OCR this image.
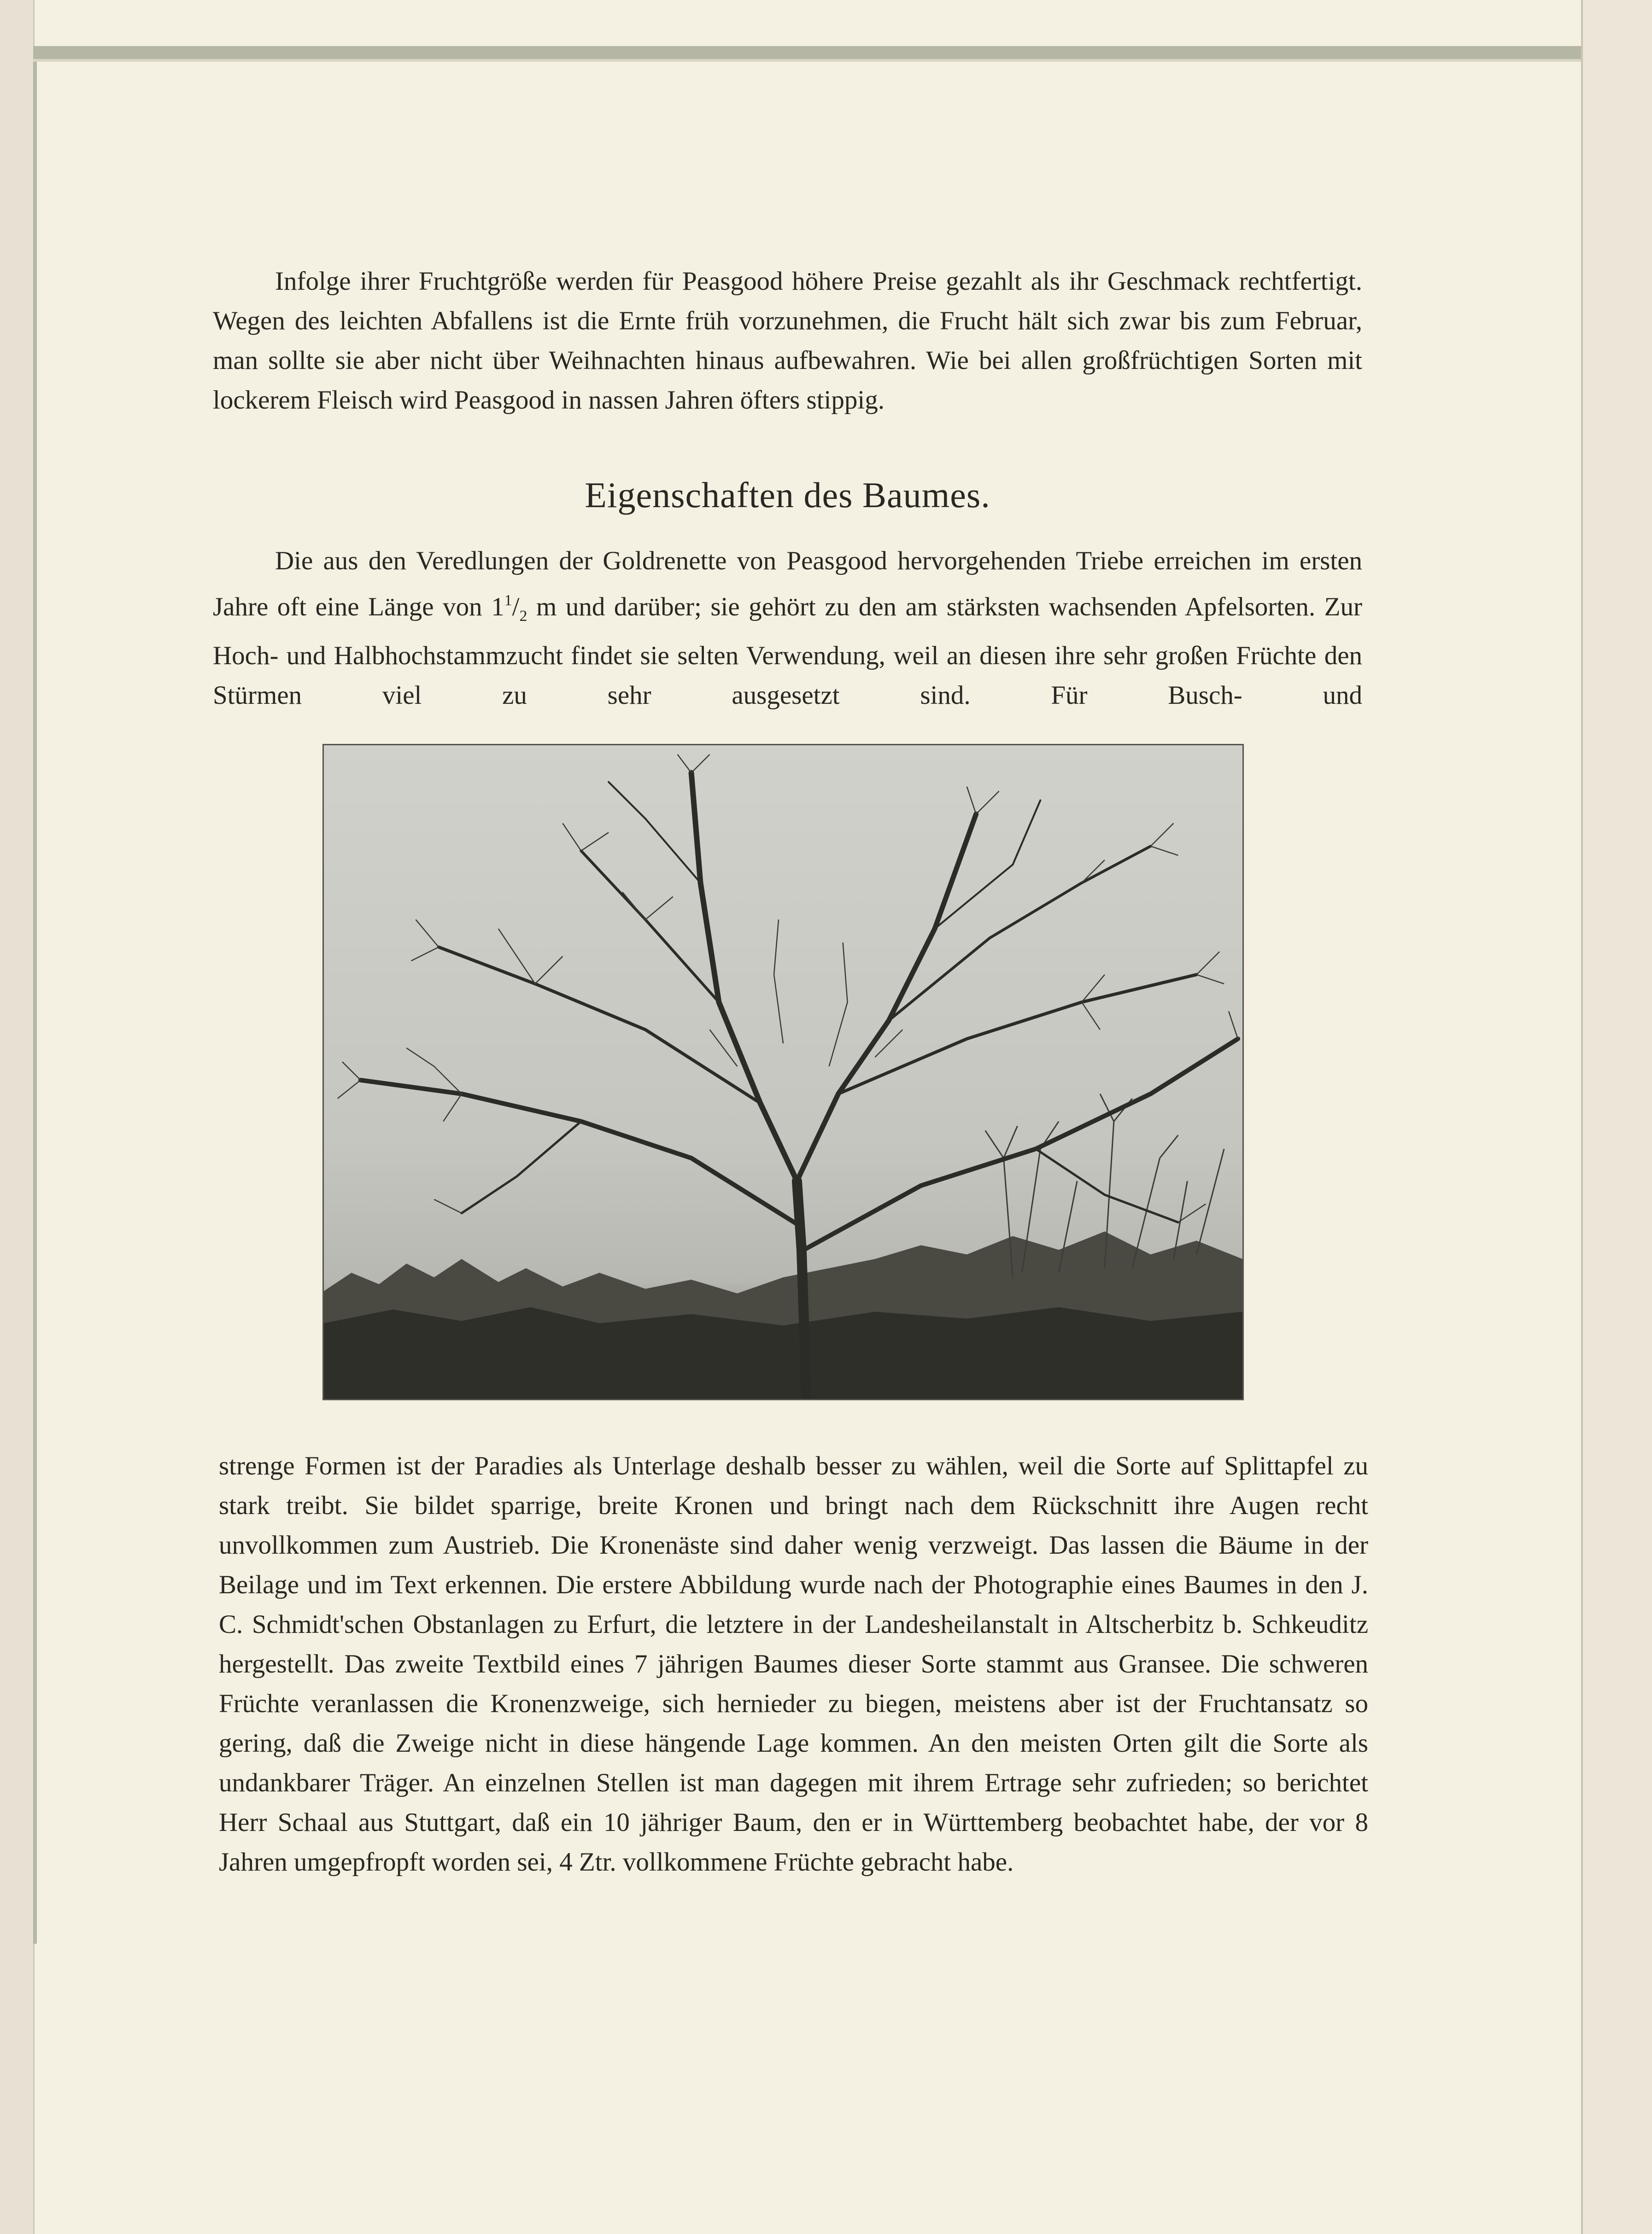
Infolge ihrer Fruchtgröße werden für Peasgood höhere Preise gezahlt als ihr Geschmack rechtfertigt. Wegen des leichten Abfallens ist die Ernte früh vorzunehmen, die Frucht hält sich zwar bis zum Februar, man sollte sie aber nicht über Weihnachten hinaus aufbewahren. Wie bei allen großfrüchtigen Sorten mit lockerem Fleisch wird Peasgood in nassen Jahren öfters stippig.

Eigenschaften des Baumes.

Die aus den Veredlungen der Goldrenette von Peasgood hervorgehenden Triebe erreichen im ersten Jahre oft eine Länge von $1^1/_2$ m und darüber; sie gehört zu den am stärksten wachsenden Apfelsorten. Zur Hoch- und Halbhochstammzucht findet sie selten Verwendung, weil an diesen ihre sehr großen Früchte den Stürmen viel zu sehr ausgesetzt sind. Für Busch- und

strenge Formen ist der Paradies als Unterlage deshalb besser zu wählen, weil die Sorte auf Splittapfel zu stark treibt. Sie bildet sparrige, breite Kronen und bringt nach dem Rückschnitt ihre Augen recht unvollkommen zum Austrieb. Die Kronenäste sind daher wenig verzweigt. Das lassen die Bäume in der Beilage und im Text erkennen. Die erstere Abbildung wurde nach der Photographie eines Baumes in den J. C. Schmidt'schen Obstanlagen zu Erfurt, die letztere in der Landesheilanstalt in Altscherbitz b. Schkeuditz hergestellt. Das zweite Textbild eines 7 jährigen Baumes dieser Sorte stammt aus Gransee. Die schweren Früchte veranlassen die Kronenzweige, sich hernieder zu biegen, meistens aber ist der Fruchtansatz so gering, daß die Zweige nicht in diese hängende Lage kommen. An den meisten Orten gilt die Sorte als undankbarer Träger. An einzelnen Stellen ist man dagegen mit ihrem Ertrage sehr zufrieden; so berichtet Herr Schaal aus Stuttgart, daß ein 10 jähriger Baum, den er in Württemberg beobachtet habe, der vor 8 Jahren umgepfropft worden sei, 4 Ztr. vollkommene Früchte gebracht habe.
